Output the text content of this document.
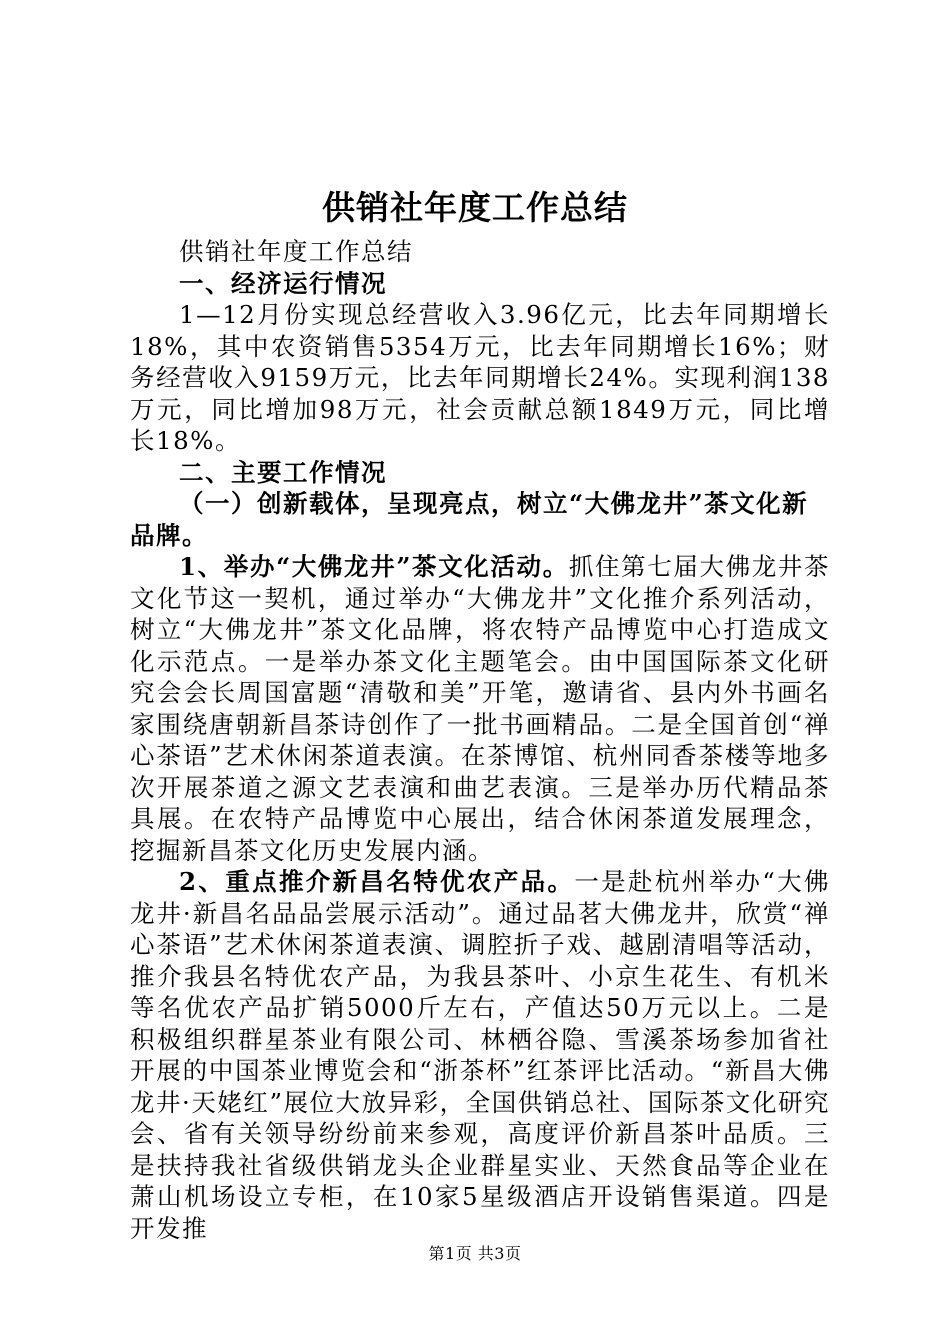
供销社年度工作总结

供销社年度工作总结

一、经济运行情况

1—12月份实现总经营收入3.96亿元，比去年同期增长18%，其中农资销售5354万元，比去年同期增长16%；财务经营收入9159万元，比去年同期增长24%。实现利润138万元，同比增加98万元，社会贡献总额1849万元，同比增长18%。

二、主要工作情况

（一）创新载体，呈现亮点，树立“大佛龙井”茶文化新品牌。

1、举办“大佛龙井”茶文化活动。抓住第七届大佛龙井茶文化节这一契机，通过举办“大佛龙井”文化推介系列活动，树立“大佛龙井”茶文化品牌，将农特产品博览中心打造成文化示范点。一是举办茶文化主题笔会。由中国国际茶文化研究会会长周国富题“清敬和美”开笔，邀请省、县内外书画名家围绕唐朝新昌茶诗创作了一批书画精品。二是全国首创“禅心茶语”艺术休闲茶道表演。在茶博馆、杭州同香茶楼等地多次开展茶道之源文艺表演和曲艺表演。三是举办历代精品茶具展。在农特产品博览中心展出，结合休闲茶道发展理念，挖掘新昌茶文化历史发展内涵。

2、重点推介新昌名特优农产品。一是赴杭州举办“大佛龙井·新昌名品品尝展示活动”。通过品茗大佛龙井，欣赏“禅心茶语”艺术休闲茶道表演、调腔折子戏、越剧清唱等活动，推介我县名特优农产品，为我县茶叶、小京生花生、有机米等名优农产品扩销5000斤左右，产值达50万元以上。二是积极组织群星茶业有限公司、林栖谷隐、雪溪茶场参加省社开展的中国茶业博览会和“浙茶杯”红茶评比活动。“新昌大佛龙井·天姥红”展位大放异彩，全国供销总社、国际茶文化研究会、省有关领导纷纷前来参观，高度评价新昌茶叶品质。三是扶持我社省级供销龙头企业群星实业、天然食品等企业在萧山机场设立专柜，在10家5星级酒店开设销售渠道。四是开发推

第1页 共3页
